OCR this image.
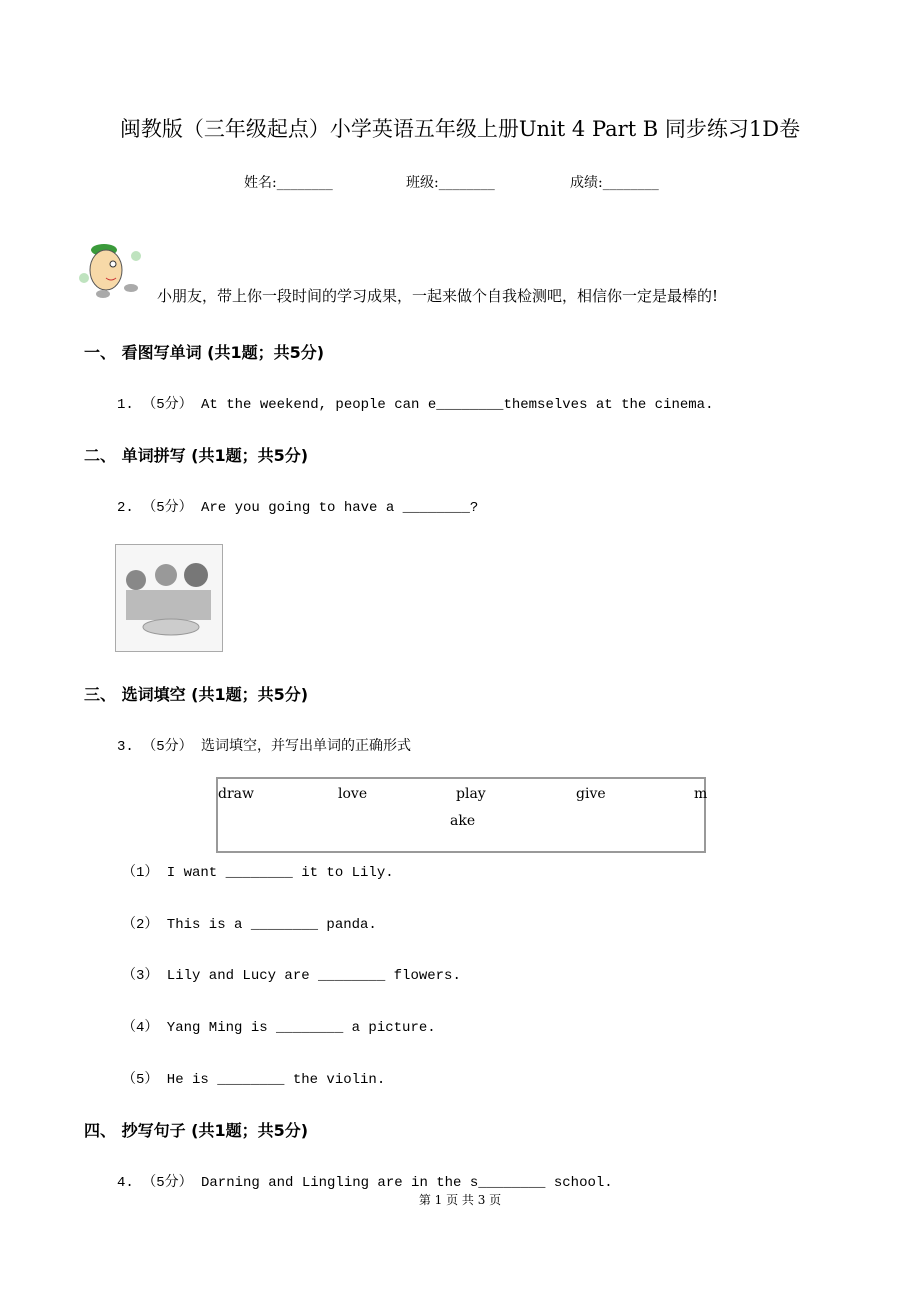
闽教版（三年级起点）小学英语五年级上册Unit 4 Part B 同步练习1D卷
姓名:________	班级:________	成绩:________
小朋友，带上你一段时间的学习成果，一起来做个自我检测吧，相信你一定是最棒的!
一、 看图写单词 (共1题；共5分)
1. （5分） At the weekend, people can e________themselves at the cinema.
二、 单词拼写 (共1题；共5分)
2. （5分） Are you going to have a ________?
三、 选词填空 (共1题；共5分)
3. （5分） 选词填空，并写出单词的正确形式
draw	love	play	give	m
ake
（1） I want ________ it to Lily.
（2） This is a ________ panda.
（3） Lily and Lucy are ________ flowers.
（4） Yang Ming is ________ a picture.
（5） He is ________ the violin.
四、 抄写句子 (共1题；共5分)
4. （5分） Darning and Lingling are in the s________ school.
第 1 页 共 3 页
